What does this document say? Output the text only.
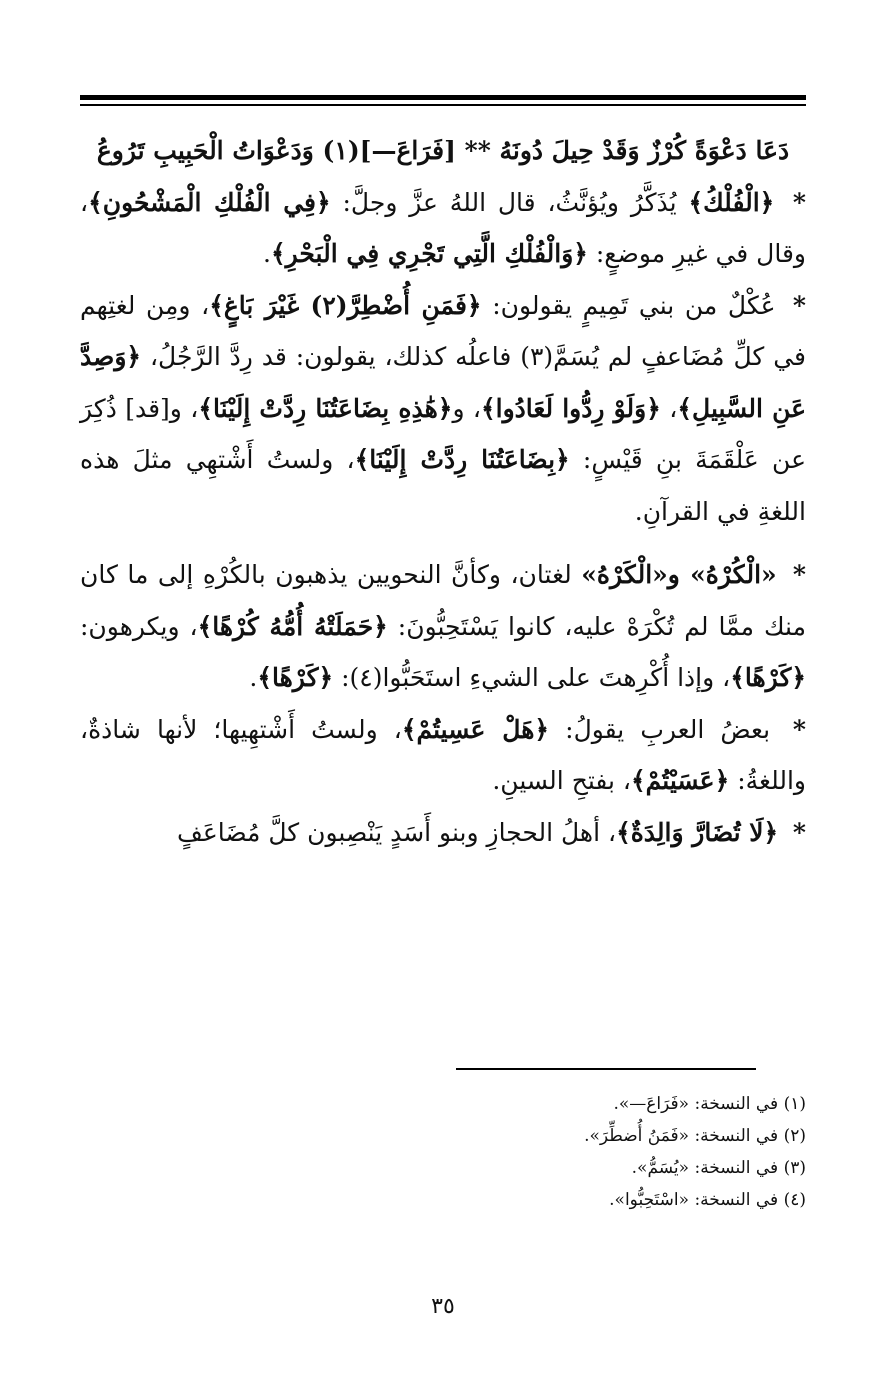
دَعَا دَعْوَةً كُرْزٌ وَقَدْ حِيلَ دُونَهُ ** [فَرَاعَ—](١) وَدَعْوَاتُ الْحَبِيبِ تَرُوعُ

* ﴿الْفُلْكُ﴾ يُذَكَّرُ ويُؤنَّثُ، قال اللهُ عزَّ وجلَّ: ﴿فِي الْفُلْكِ الْمَشْحُونِ﴾، وقال في غيرِ موضعٍ: ﴿وَالْفُلْكِ الَّتِي تَجْرِي فِي الْبَحْرِ﴾.

* عُكْلٌ من بني تَمِيمٍ يقولون: ﴿فَمَنِ أُضْطِرَّ(٢) غَيْرَ بَاغٍ﴾، ومِن لغتِهم في كلِّ مُضَاعفٍ لم يُسَمَّ(٣) فاعلُه كذلك، يقولون: قد رِدَّ الرَّجُلُ، ﴿وَصِدَّ عَنِ السَّبِيلِ﴾، ﴿وَلَوْ رِدُّوا لَعَادُوا﴾، و﴿هَٰذِهِ بِضَاعَتُنَا رِدَّتْ إِلَيْنَا﴾، و[قد] ذُكِرَ عن عَلْقَمَةَ بنِ قَيْسٍ: ﴿بِضَاعَتُنَا رِدَّتْ إِلَيْنَا﴾، ولستُ أَشْتهِي مثلَ هذه اللغةِ في القرآنِ.

* «الْكُرْهُ» و«الْكَرْهُ» لغتان، وكأنَّ النحويين يذهبون بالكُرْهِ إلى ما كان منك ممَّا لم تُكْرَهْ عليه، كانوا يَسْتَحِبُّونَ: ﴿حَمَلَتْهُ أُمُّهُ كُرْهًا﴾، ويكرهون: ﴿كَرْهًا﴾، وإذا أُكْرِهتَ على الشيءِ استَحَبُّوا(٤): ﴿كَرْهًا﴾.

* بعضُ العربِ يقولُ: ﴿هَلْ عَسِيتُمْ﴾، ولستُ أَشْتهِيها؛ لأنها شاذةٌ، واللغةُ: ﴿عَسَيْتُمْ﴾، بفتحِ السينِ.

* ﴿لَا تُضَارَّ وَالِدَةٌ﴾، أهلُ الحجازِ وبنو أَسَدٍ يَنْصِبون كلَّ مُضَاعَفٍ

(١) في النسخة: «فَرَاعَ—».
(٢) في النسخة: «فَمَنُ أُضطِّرَ».
(٣) في النسخة: «يُسَمُّ».
(٤) في النسخة: «اسْتَحِبُّوا».
٣٥
